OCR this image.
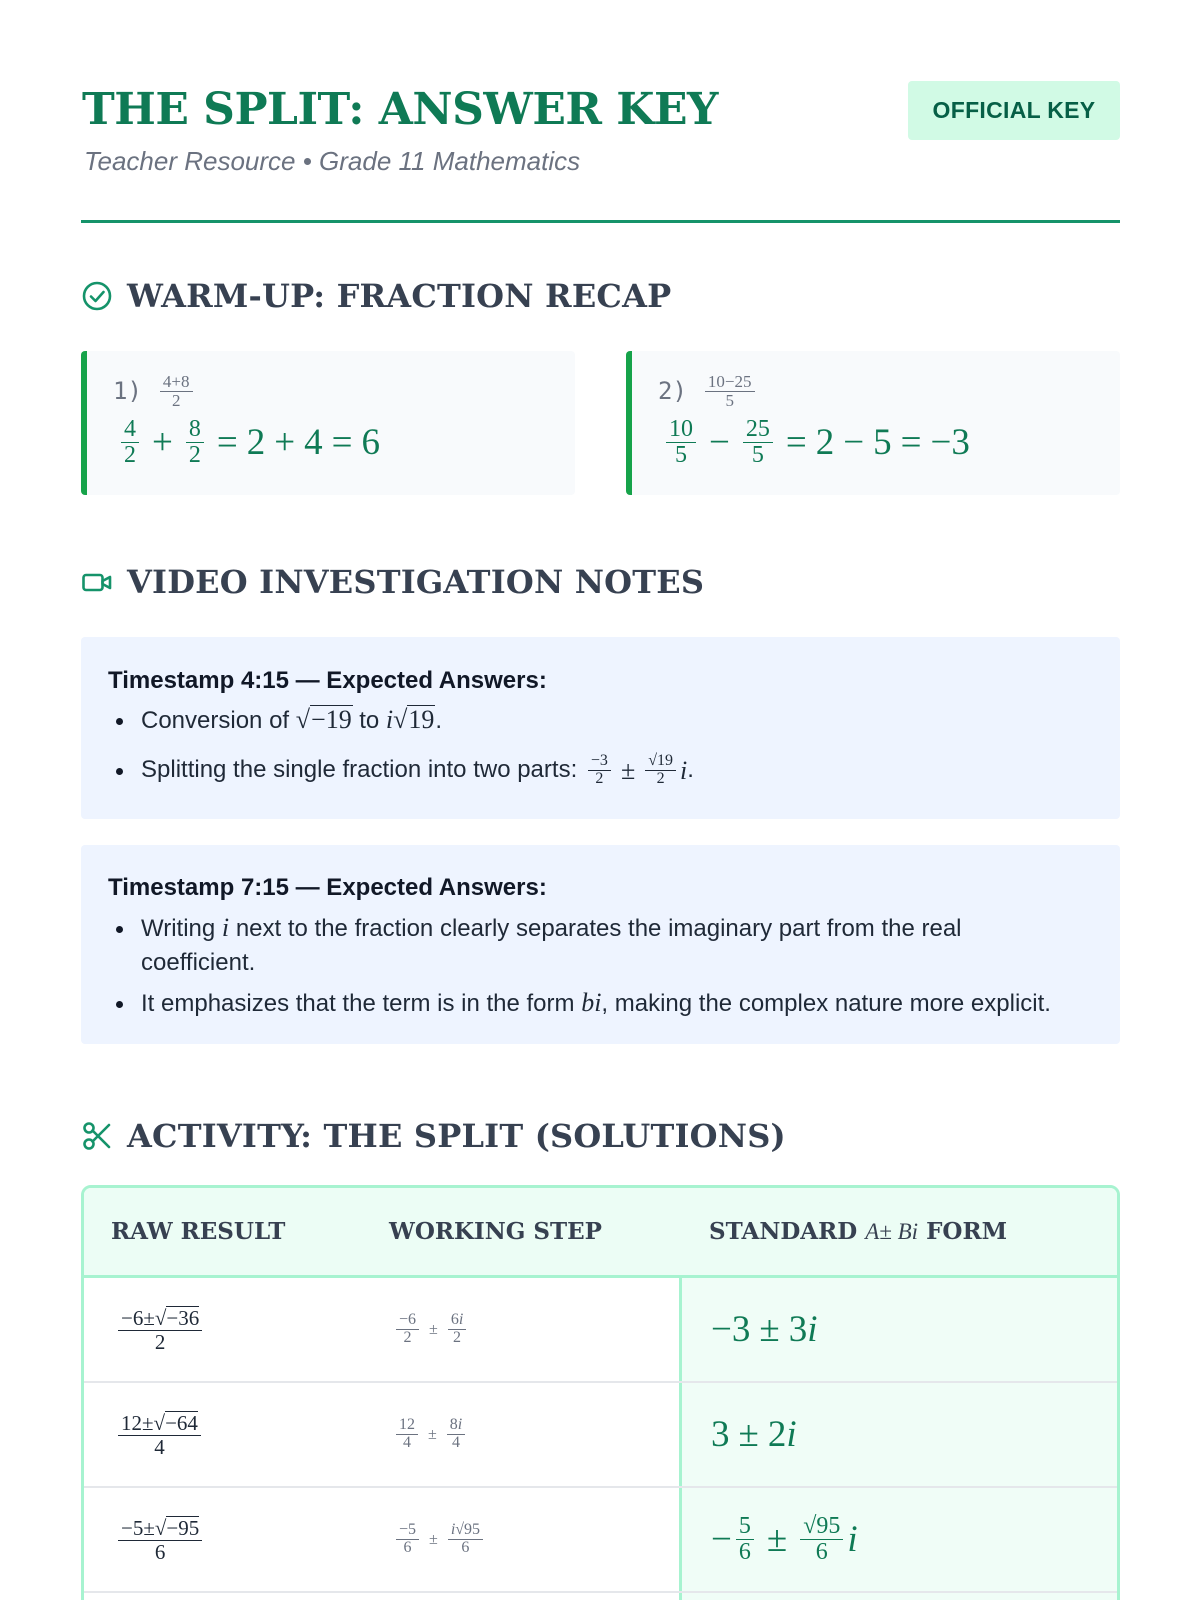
THE SPLIT: ANSWER KEY
Teacher Resource • Grade 11 Mathematics
OFFICIAL KEY
WARM-UP: FRACTION RECAP
$1) \frac{4+8}{2}$
$\frac{4}{2} + \frac{8}{2} = 2 + 4 = 6$
$2) \frac{10-25}{5}$
$\frac{10}{5} - \frac{25}{5} = 2 - 5 = -3$
VIDEO INVESTIGATION NOTES
Timestamp 4:15 — Expected Answers:
Conversion of √ −19 to i √ 19 .
Splitting the single fraction into two parts: $\frac{-3}{2} \pm \frac{√19}{2}$ i .
Timestamp 7:15 — Expected Answers:
Writing i next to the fraction clearly separates the imaginary part from the real
coefficient.
It emphasizes that the term is in the form bi, making the complex nature more explicit.
ACTIVITY: THE SPLIT (SOLUTIONS)
RAW RESULT	WORKING STEP	STANDARD A± Bi FORM
$\frac{-6\pm √ -36}{2}$	$\frac{-6}{2} \pm \frac{6i}{2}$	−3 ± 3i
$\frac{12\pm √ -64}{4}$	$\frac{12}{4} \pm \frac{8i}{4}$	3 ± 2i
$\frac{-5\pm √ -95}{6}$	$\frac{-5}{6} \pm \frac{i√95}{6}$	− $\frac{5}{6} \pm \frac{√95}{6}$ i
